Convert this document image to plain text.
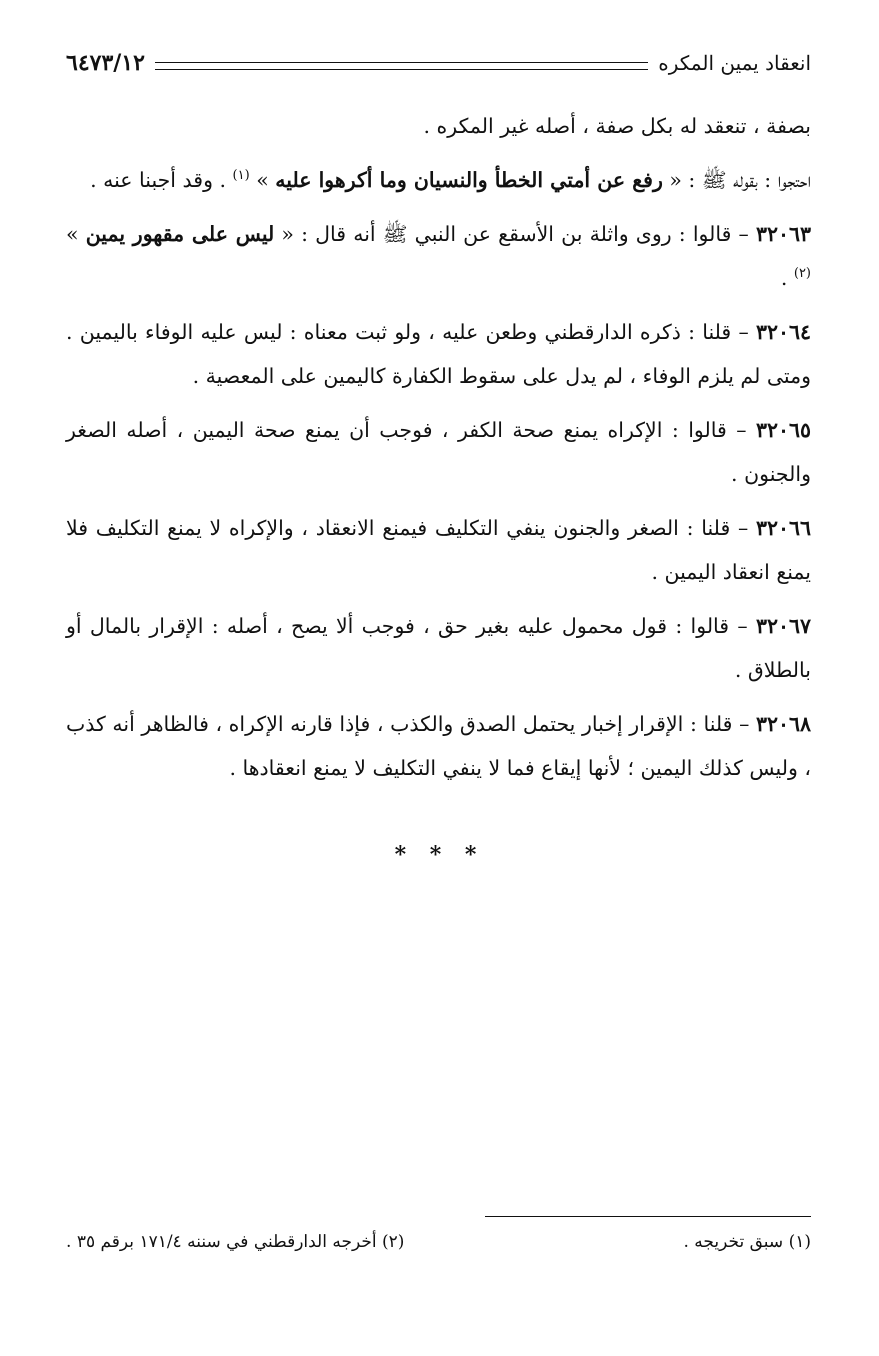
انعقاد يمين المكره
٦٤٧٣/١٢

بصفة ، تنعقد له بكل صفة ، أصله غير المكره .

احتجوا : بقوله ﷺ : « رفع عن أمتي الخطأ والنسيان وما أكرهوا عليه » $^{(١)}$ . وقد أجبنا عنه .

٣٢٠٦٣ – قالوا : روى واثلة بن الأسقع عن النبي ﷺ أنه قال : « ليس على مقهور يمين » $^{(٢)}$ .

٣٢٠٦٤ – قلنا : ذكره الدارقطني وطعن عليه ، ولو ثبت معناه : ليس عليه الوفاء باليمين . ومتى لم يلزم الوفاء ، لم يدل على سقوط الكفارة كاليمين على المعصية .

٣٢٠٦٥ – قالوا : الإكراه يمنع صحة الكفر ، فوجب أن يمنع صحة اليمين ، أصله الصغر والجنون .

٣٢٠٦٦ – قلنا : الصغر والجنون ينفي التكليف فيمنع الانعقاد ، والإكراه لا يمنع التكليف فلا يمنع انعقاد اليمين .

٣٢٠٦٧ – قالوا : قول محمول عليه بغير حق ، فوجب ألا يصح ، أصله : الإقرار بالمال أو بالطلاق .

٣٢٠٦٨ – قلنا : الإقرار إخبار يحتمل الصدق والكذب ، فإذا قارنه الإكراه ، فالظاهر أنه كذب ، وليس كذلك اليمين ؛ لأنها إيقاع فما لا ينفي التكليف لا يمنع انعقادها .

* * *
(١) سبق تخريجه .
(٢) أخرجه الدارقطني في سننه ١٧١/٤ برقم ٣٥ .
